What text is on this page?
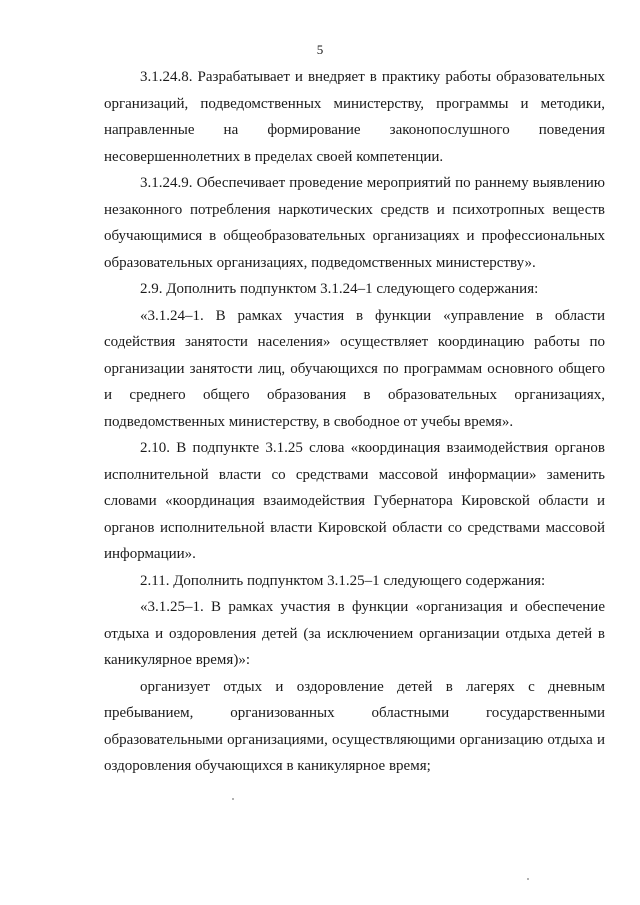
5

3.1.24.8. Разрабатывает и внедряет в практику работы образовательных организаций, подведомственных министерству, программы и методики, направленные на формирование законопослушного поведения несовершеннолетних в пределах своей компетенции.

3.1.24.9. Обеспечивает проведение мероприятий по раннему выявлению незаконного потребления наркотических средств и психотропных веществ обучающимися в общеобразовательных организациях и профессиональных образовательных организациях, подведомственных министерству».

2.9. Дополнить подпунктом 3.1.24–1 следующего содержания:

«3.1.24–1. В рамках участия в функции «управление в области содействия занятости населения» осуществляет координацию работы по организации занятости лиц, обучающихся по программам основного общего и среднего общего образования в образовательных организациях, подведомственных министерству, в свободное от учебы время».

2.10. В подпункте 3.1.25 слова «координация взаимодействия органов исполнительной власти со средствами массовой информации» заменить словами «координация взаимодействия Губернатора Кировской области и органов исполнительной власти Кировской области со средствами массовой информации».

2.11. Дополнить подпунктом 3.1.25–1 следующего содержания:

«3.1.25–1. В рамках участия в функции «организация и обеспечение отдыха и оздоровления детей (за исключением организации отдыха детей в каникулярное время)»:

организует отдых и оздоровление детей в лагерях с дневным пребыванием, организованных областными государственными образовательными организациями, осуществляющими организацию отдыха и оздоровления обучающихся в каникулярное время;
